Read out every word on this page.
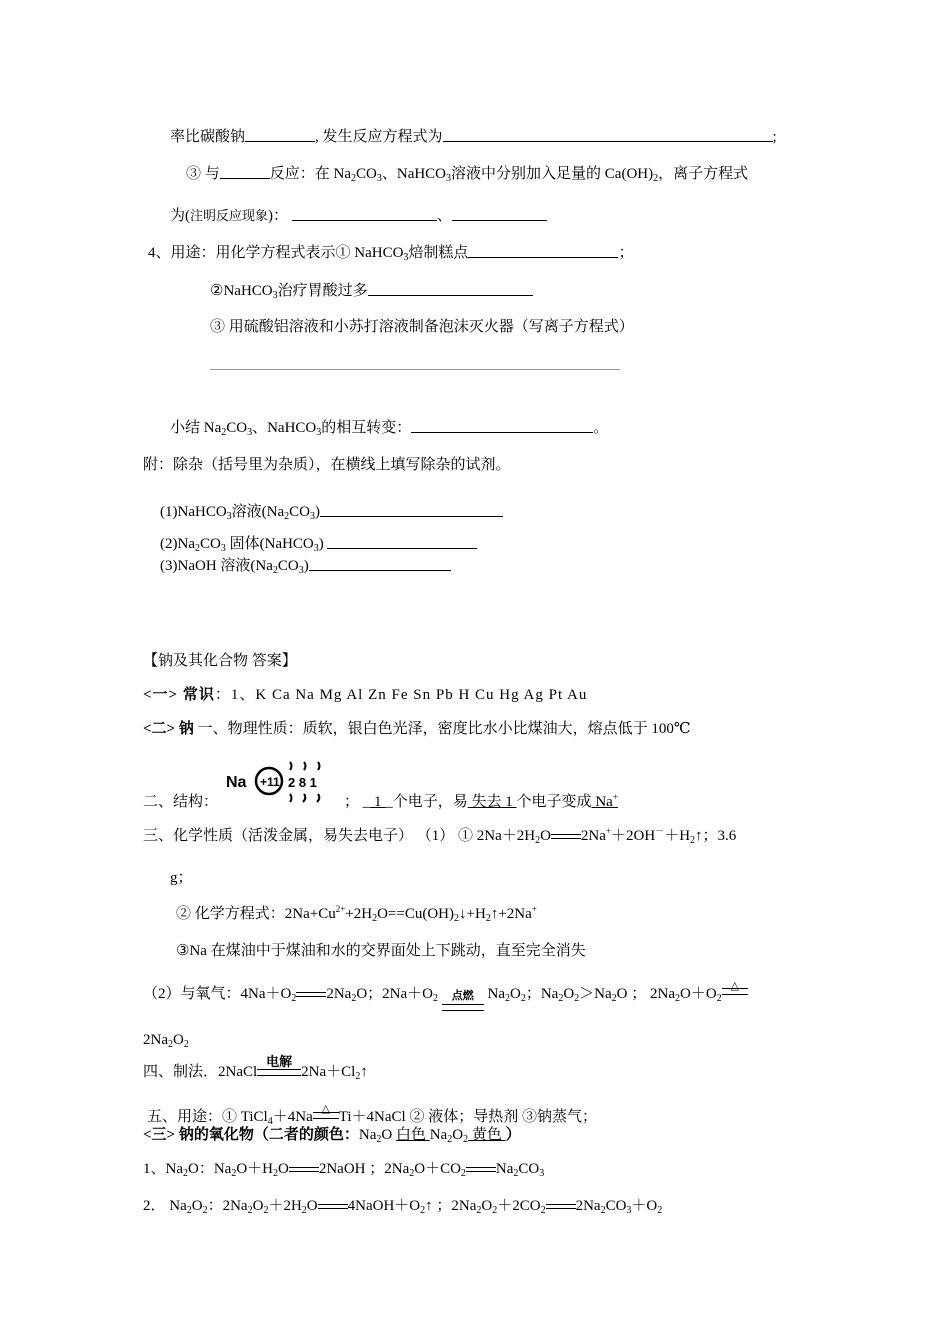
率比碳酸钠	, 发生反应方程式为	;
③ 与	反应：在 $Na_2CO_3$、NaHCO$_3$溶液中分别加入足量的 $Ca(OH)_2$，离子方程式
为(注明反应现象)：	、
4、用途：用化学方程式表示① NaHCO$_3$焙制糕点	；
②NaHCO$_3$治疗胃酸过多
③ 用硫酸铝溶液和小苏打溶液制备泡沫灭火器（写离子方程式）
小结 $Na_2CO_3$、NaHCO$_3$的相互转变：	。
附：除杂（括号里为杂质），在横线上填写除杂的试剂。
(1)NaHCO$_3$溶液$(Na_2CO_3)$
$(2)Na_2CO_3$ 固体(NaHCO$_3$)
(3)NaOH 溶液$(Na_2CO_3)$
【钠及其化合物 答案】
<一> 常识：1、K Ca Na Mg Al Zn Fe Sn Pb H Cu Hg Ag Pt Au
<二> 钠 一、物理性质：质软，银白色光泽，密度比水小比煤油大，熔点低于 100℃
Na +11 2 8 1
二、结构：	； _ 1 _个电子，易 失去 1 个电子变成 Na+
三、化学性质（活泼金属，易失去电子） （1） ① $2Na+2H_2O$ $2Na^++2OH^-+H_2↑$；3.6
g；
② 化学方程式：$2Na+Cu^{2+}+2H_2O==Cu(OH)_2↓+H_2↑+2Na^+$
③Na 在煤油中于煤油和水的交界面处上下跳动，直至完全消失
（2）与氧气：$4Na+O_2$ $2Na_2O$；$2Na+O_2$	点燃 $Na_2O_2$；$Na_2O_2>Na_2O$ ； $2Na_2O+O_2$
△
$2Na_2O_2$
四、制法．2NaCl
电解
$2Na+Cl_2↑$
五、用途：① TiCl$_4$＋4Na △ Ti＋4NaCl ② 液体；导热剂 ③钠蒸气；
<三> 钠的氧化物（二者的颜色：$Na_2O$ 白色 $Na_2O_2$ 黄色 ）
1、$Na_2O$：$Na_2O+H_2O$ 2NaOH ；$2Na_2O+CO_2$ $Na_2CO_3$
2． $Na_2O_2$：$2Na_2O_2+2H_2O$ $4NaOH+O_2↑$ ；$2Na_2O_2+2CO_2$ $2Na_2CO_3+O_2$
